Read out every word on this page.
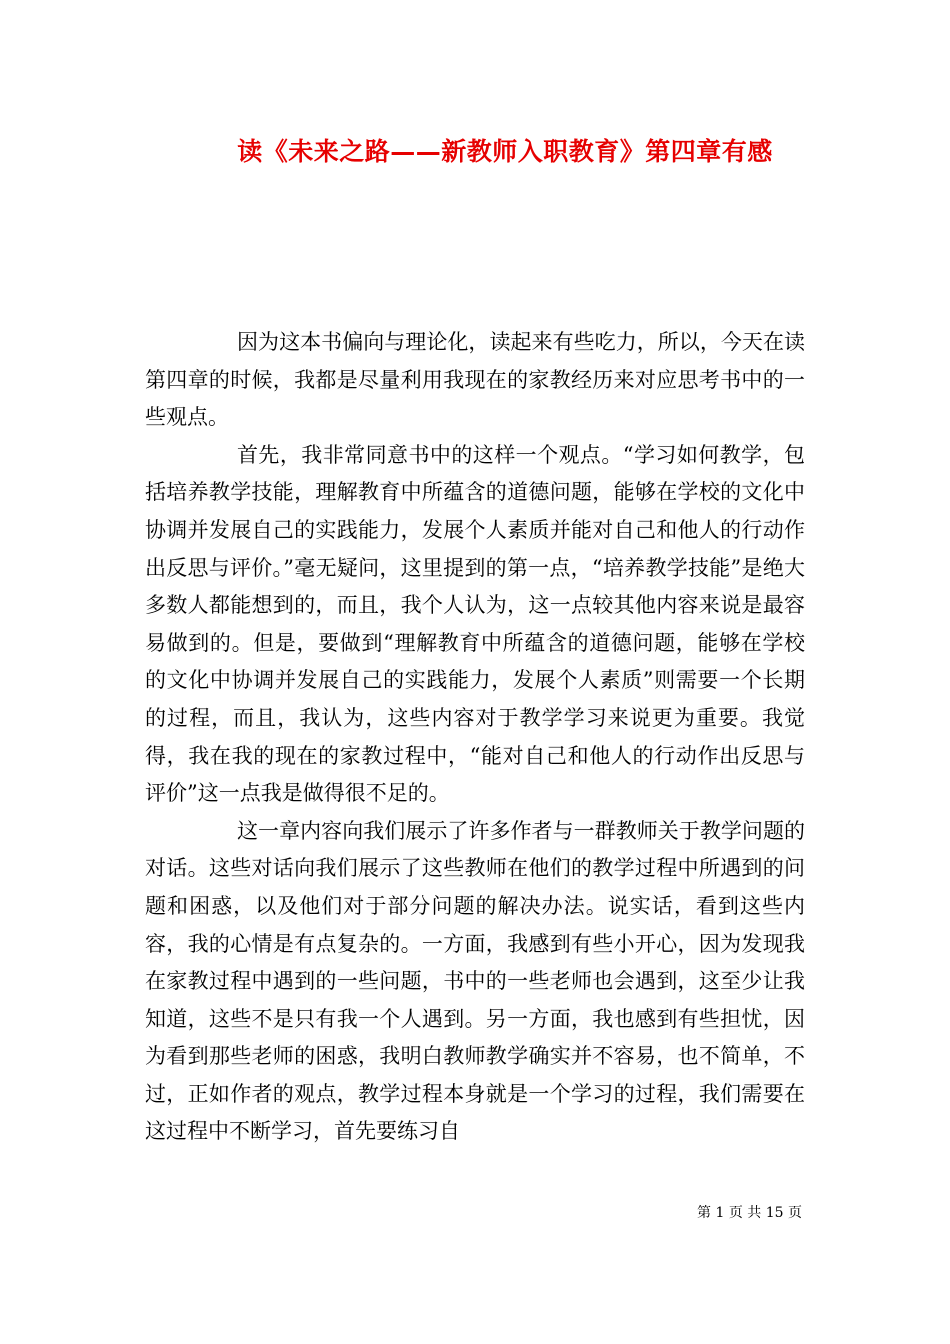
读《未来之路——新教师入职教育》第四章有感

因为这本书偏向与理论化，读起来有些吃力，所以，今天在读第四章的时候，我都是尽量利用我现在的家教经历来对应思考书中的一些观点。

首先，我非常同意书中的这样一个观点。“学习如何教学，包括培养教学技能，理解教育中所蕴含的道德问题，能够在学校的文化中协调并发展自己的实践能力，发展个人素质并能对自己和他人的行动作出反思与评价。”毫无疑问，这里提到的第一点，“培养教学技能”是绝大多数人都能想到的，而且，我个人认为，这一点较其他内容来说是最容易做到的。但是，要做到“理解教育中所蕴含的道德问题，能够在学校的文化中协调并发展自己的实践能力，发展个人素质”则需要一个长期的过程，而且，我认为，这些内容对于教学学习来说更为重要。我觉得，我在我的现在的家教过程中，“能对自己和他人的行动作出反思与评价”这一点我是做得很不足的。

这一章内容向我们展示了许多作者与一群教师关于教学问题的对话。这些对话向我们展示了这些教师在他们的教学过程中所遇到的问题和困惑，以及他们对于部分问题的解决办法。说实话，看到这些内容，我的心情是有点复杂的。一方面，我感到有些小开心，因为发现我在家教过程中遇到的一些问题，书中的一些老师也会遇到，这至少让我知道，这些不是只有我一个人遇到。另一方面，我也感到有些担忧，因为看到那些老师的困惑，我明白教师教学确实并不容易，也不简单，不过，正如作者的观点，教学过程本身就是一个学习的过程，我们需要在这过程中不断学习，首先要练习自

第 1 页 共 15 页
